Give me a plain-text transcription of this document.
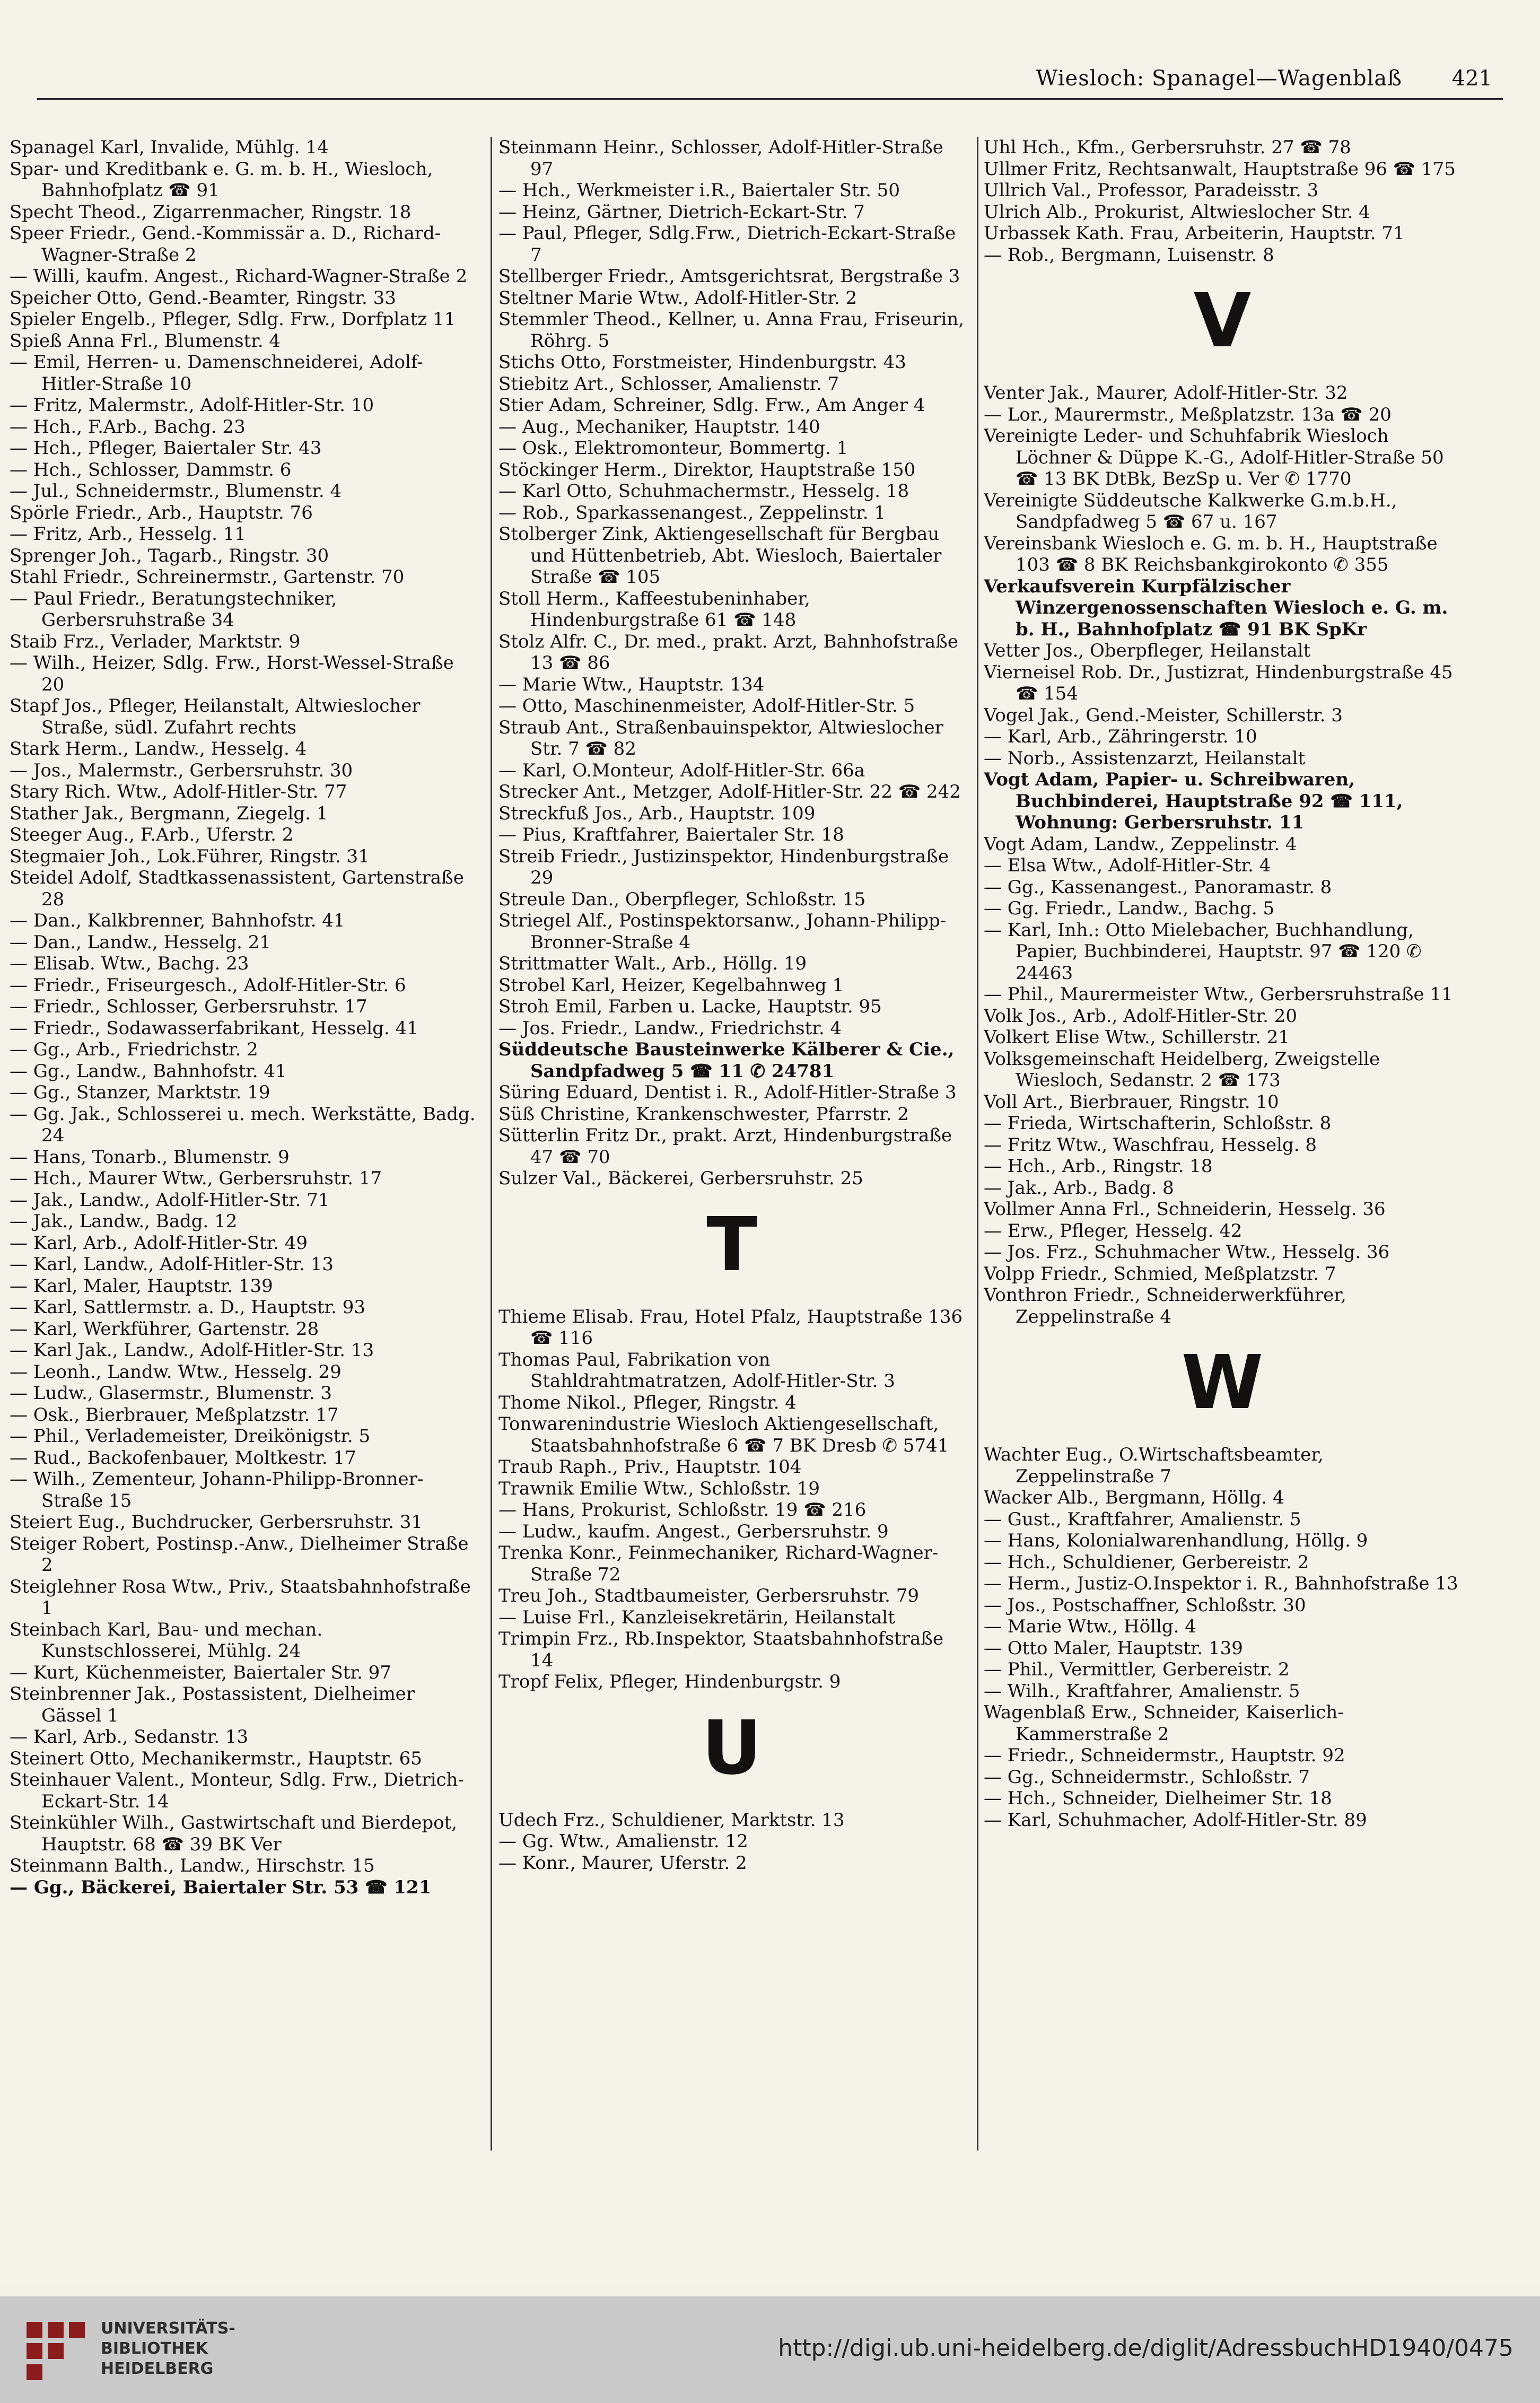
Wiesloch: Spanagel—Wagenblaß 421
Spanagel Karl, Invalide, Mühlg. 14
Spar- und Kreditbank e. G. m. b. H., Wiesloch, Bahnhofplatz ☎ 91
Specht Theod., Zigarrenmacher, Ringstr. 18
Speer Friedr., Gend.-Kommissär a. D., Richard-Wagner-Straße 2
— Willi, kaufm. Angest., Richard-Wagner-Straße 2
Speicher Otto, Gend.-Beamter, Ringstr. 33
Spieler Engelb., Pfleger, Sdlg. Frw., Dorfplatz 11
Spieß Anna Frl., Blumenstr. 4
— Emil, Herren- u. Damenschneiderei, Adolf-Hitler-Straße 10
— Fritz, Malermstr., Adolf-Hitler-Str. 10
— Hch., F.Arb., Bachg. 23
— Hch., Pfleger, Baiertaler Str. 43
— Hch., Schlosser, Dammstr. 6
— Jul., Schneidermstr., Blumenstr. 4
Spörle Friedr., Arb., Hauptstr. 76
— Fritz, Arb., Hesselg. 11
Sprenger Joh., Tagarb., Ringstr. 30
Stahl Friedr., Schreinermstr., Gartenstr. 70
— Paul Friedr., Beratungstechniker, Gerbersruhstraße 34
Staib Frz., Verlader, Marktstr. 9
— Wilh., Heizer, Sdlg. Frw., Horst-Wessel-Straße 20
Stapf Jos., Pfleger, Heilanstalt, Altwieslocher Straße, südl. Zufahrt rechts
Stark Herm., Landw., Hesselg. 4
— Jos., Malermstr., Gerbersruhstr. 30
Stary Rich. Wtw., Adolf-Hitler-Str. 77
Stather Jak., Bergmann, Ziegelg. 1
Steeger Aug., F.Arb., Uferstr. 2
Stegmaier Joh., Lok.Führer, Ringstr. 31
Steidel Adolf, Stadtkassenassistent, Gartenstraße 28
— Dan., Kalkbrenner, Bahnhofstr. 41
— Dan., Landw., Hesselg. 21
— Elisab. Wtw., Bachg. 23
— Friedr., Friseurgesch., Adolf-Hitler-Str. 6
— Friedr., Schlosser, Gerbersruhstr. 17
— Friedr., Sodawasserfabrikant, Hesselg. 41
— Gg., Arb., Friedrichstr. 2
— Gg., Landw., Bahnhofstr. 41
— Gg., Stanzer, Marktstr. 19
— Gg. Jak., Schlosserei u. mech. Werkstätte, Badg. 24
— Hans, Tonarb., Blumenstr. 9
— Hch., Maurer Wtw., Gerbersruhstr. 17
— Jak., Landw., Adolf-Hitler-Str. 71
— Jak., Landw., Badg. 12
— Karl, Arb., Adolf-Hitler-Str. 49
— Karl, Landw., Adolf-Hitler-Str. 13
— Karl, Maler, Hauptstr. 139
— Karl, Sattlermstr. a. D., Hauptstr. 93
— Karl, Werkführer, Gartenstr. 28
— Karl Jak., Landw., Adolf-Hitler-Str. 13
— Leonh., Landw. Wtw., Hesselg. 29
— Ludw., Glasermstr., Blumenstr. 3
— Osk., Bierbrauer, Meßplatzstr. 17
— Phil., Verlademeister, Dreikönigstr. 5
— Rud., Backofenbauer, Moltkestr. 17
— Wilh., Zementeur, Johann-Philipp-Bronner-Straße 15
Steiert Eug., Buchdrucker, Gerbersruhstr. 31
Steiger Robert, Postinsp.-Anw., Dielheimer Straße 2
Steiglehner Rosa Wtw., Priv., Staatsbahnhofstraße 1
Steinbach Karl, Bau- und mechan. Kunstschlosserei, Mühlg. 24
— Kurt, Küchenmeister, Baiertaler Str. 97
Steinbrenner Jak., Postassistent, Dielheimer Gässel 1
— Karl, Arb., Sedanstr. 13
Steinert Otto, Mechanikermstr., Hauptstr. 65
Steinhauer Valent., Monteur, Sdlg. Frw., Dietrich-Eckart-Str. 14
Steinkühler Wilh., Gastwirtschaft und Bierdepot, Hauptstr. 68 ☎ 39 BK Ver
Steinmann Balth., Landw., Hirschstr. 15
— Gg., Bäckerei, Baiertaler Str. 53 ☎ 121
Steinmann Heinr., Schlosser, Adolf-Hitler-Straße 97
— Hch., Werkmeister i.R., Baiertaler Str. 50
— Heinz, Gärtner, Dietrich-Eckart-Str. 7
— Paul, Pfleger, Sdlg.Frw., Dietrich-Eckart-Straße 7
Stellberger Friedr., Amtsgerichtsrat, Bergstraße 3
Steltner Marie Wtw., Adolf-Hitler-Str. 2
Stemmler Theod., Kellner, u. Anna Frau, Friseurin, Röhrg. 5
Stichs Otto, Forstmeister, Hindenburgstr. 43
Stiebitz Art., Schlosser, Amalienstr. 7
Stier Adam, Schreiner, Sdlg. Frw., Am Anger 4
— Aug., Mechaniker, Hauptstr. 140
— Osk., Elektromonteur, Bommertg. 1
Stöckinger Herm., Direktor, Hauptstraße 150
— Karl Otto, Schuhmachermstr., Hesselg. 18
— Rob., Sparkassenangest., Zeppelinstr. 1
Stolberger Zink, Aktiengesellschaft für Bergbau und Hüttenbetrieb, Abt. Wiesloch, Baiertaler Straße ☎ 105
Stoll Herm., Kaffeestubeninhaber, Hindenburgstraße 61 ☎ 148
Stolz Alfr. C., Dr. med., prakt. Arzt, Bahnhofstraße 13 ☎ 86
— Marie Wtw., Hauptstr. 134
— Otto, Maschinenmeister, Adolf-Hitler-Str. 5
Straub Ant., Straßenbauinspektor, Altwieslocher Str. 7 ☎ 82
— Karl, O.Monteur, Adolf-Hitler-Str. 66a
Strecker Ant., Metzger, Adolf-Hitler-Str. 22 ☎ 242
Streckfuß Jos., Arb., Hauptstr. 109
— Pius, Kraftfahrer, Baiertaler Str. 18
Streib Friedr., Justizinspektor, Hindenburgstraße 29
Streule Dan., Oberpfleger, Schloßstr. 15
Striegel Alf., Postinspektorsanw., Johann-Philipp-Bronner-Straße 4
Strittmatter Walt., Arb., Höllg. 19
Strobel Karl, Heizer, Kegelbahnweg 1
Stroh Emil, Farben u. Lacke, Hauptstr. 95
— Jos. Friedr., Landw., Friedrichstr. 4
Süddeutsche Bausteinwerke Kälberer & Cie., Sandpfadweg 5 ☎ 11 ✆ 24781
Süring Eduard, Dentist i. R., Adolf-Hitler-Straße 3
Süß Christine, Krankenschwester, Pfarrstr. 2
Sütterlin Fritz Dr., prakt. Arzt, Hindenburgstraße 47 ☎ 70
Sulzer Val., Bäckerei, Gerbersruhstr. 25
T
Thieme Elisab. Frau, Hotel Pfalz, Hauptstraße 136 ☎ 116
Thomas Paul, Fabrikation von Stahldrahtmatratzen, Adolf-Hitler-Str. 3
Thome Nikol., Pfleger, Ringstr. 4
Tonwarenindustrie Wiesloch Aktiengesellschaft, Staatsbahnhofstraße 6 ☎ 7 BK Dresb ✆ 5741
Traub Raph., Priv., Hauptstr. 104
Trawnik Emilie Wtw., Schloßstr. 19
— Hans, Prokurist, Schloßstr. 19 ☎ 216
— Ludw., kaufm. Angest., Gerbersruhstr. 9
Trenka Konr., Feinmechaniker, Richard-Wagner-Straße 72
Treu Joh., Stadtbaumeister, Gerbersruhstr. 79
— Luise Frl., Kanzleisekretärin, Heilanstalt
Trimpin Frz., Rb.Inspektor, Staatsbahnhofstraße 14
Tropf Felix, Pfleger, Hindenburgstr. 9
U
Udech Frz., Schuldiener, Marktstr. 13
— Gg. Wtw., Amalienstr. 12
— Konr., Maurer, Uferstr. 2
Uhl Hch., Kfm., Gerbersruhstr. 27 ☎ 78
Ullmer Fritz, Rechtsanwalt, Hauptstraße 96 ☎ 175
Ullrich Val., Professor, Paradeisstr. 3
Ulrich Alb., Prokurist, Altwieslocher Str. 4
Urbassek Kath. Frau, Arbeiterin, Hauptstr. 71
— Rob., Bergmann, Luisenstr. 8
V
Venter Jak., Maurer, Adolf-Hitler-Str. 32
— Lor., Maurermstr., Meßplatzstr. 13a ☎ 20
Vereinigte Leder- und Schuhfabrik Wiesloch Löchner & Düppe K.-G., Adolf-Hitler-Straße 50 ☎ 13 BK DtBk, BezSp u. Ver ✆ 1770
Vereinigte Süddeutsche Kalkwerke G.m.b.H., Sandpfadweg 5 ☎ 67 u. 167
Vereinsbank Wiesloch e. G. m. b. H., Hauptstraße 103 ☎ 8 BK Reichsbankgirokonto ✆ 355
Verkaufsverein Kurpfälzischer Winzergenossenschaften Wiesloch e. G. m. b. H., Bahnhofplatz ☎ 91 BK SpKr
Vetter Jos., Oberpfleger, Heilanstalt
Vierneisel Rob. Dr., Justizrat, Hindenburgstraße 45 ☎ 154
Vogel Jak., Gend.-Meister, Schillerstr. 3
— Karl, Arb., Zähringerstr. 10
— Norb., Assistenzarzt, Heilanstalt
Vogt Adam, Papier- u. Schreibwaren, Buchbinderei, Hauptstraße 92 ☎ 111, Wohnung: Gerbersruhstr. 11
Vogt Adam, Landw., Zeppelinstr. 4
— Elsa Wtw., Adolf-Hitler-Str. 4
— Gg., Kassenangest., Panoramastr. 8
— Gg. Friedr., Landw., Bachg. 5
— Karl, Inh.: Otto Mielebacher, Buchhandlung, Papier, Buchbinderei, Hauptstr. 97 ☎ 120 ✆ 24463
— Phil., Maurermeister Wtw., Gerbersruhstraße 11
Volk Jos., Arb., Adolf-Hitler-Str. 20
Volkert Elise Wtw., Schillerstr. 21
Volksgemeinschaft Heidelberg, Zweigstelle Wiesloch, Sedanstr. 2 ☎ 173
Voll Art., Bierbrauer, Ringstr. 10
— Frieda, Wirtschafterin, Schloßstr. 8
— Fritz Wtw., Waschfrau, Hesselg. 8
— Hch., Arb., Ringstr. 18
— Jak., Arb., Badg. 8
Vollmer Anna Frl., Schneiderin, Hesselg. 36
— Erw., Pfleger, Hesselg. 42
— Jos. Frz., Schuhmacher Wtw., Hesselg. 36
Volpp Friedr., Schmied, Meßplatzstr. 7
Vonthron Friedr., Schneiderwerkführer, Zeppelinstraße 4
W
Wachter Eug., O.Wirtschaftsbeamter, Zeppelinstraße 7
Wacker Alb., Bergmann, Höllg. 4
— Gust., Kraftfahrer, Amalienstr. 5
— Hans, Kolonialwarenhandlung, Höllg. 9
— Hch., Schuldiener, Gerbereistr. 2
— Herm., Justiz-O.Inspektor i. R., Bahnhofstraße 13
— Jos., Postschaffner, Schloßstr. 30
— Marie Wtw., Höllg. 4
— Otto Maler, Hauptstr. 139
— Phil., Vermittler, Gerbereistr. 2
— Wilh., Kraftfahrer, Amalienstr. 5
Wagenblaß Erw., Schneider, Kaiserlich-Kammerstraße 2
— Friedr., Schneidermstr., Hauptstr. 92
— Gg., Schneidermstr., Schloßstr. 7
— Hch., Schneider, Dielheimer Str. 18
— Karl, Schuhmacher, Adolf-Hitler-Str. 89
UNIVERSITÄTS-
BIBLIOTHEK
HEIDELBERG
http://digi.ub.uni-heidelberg.de/diglit/AdressbuchHD1940/0475
